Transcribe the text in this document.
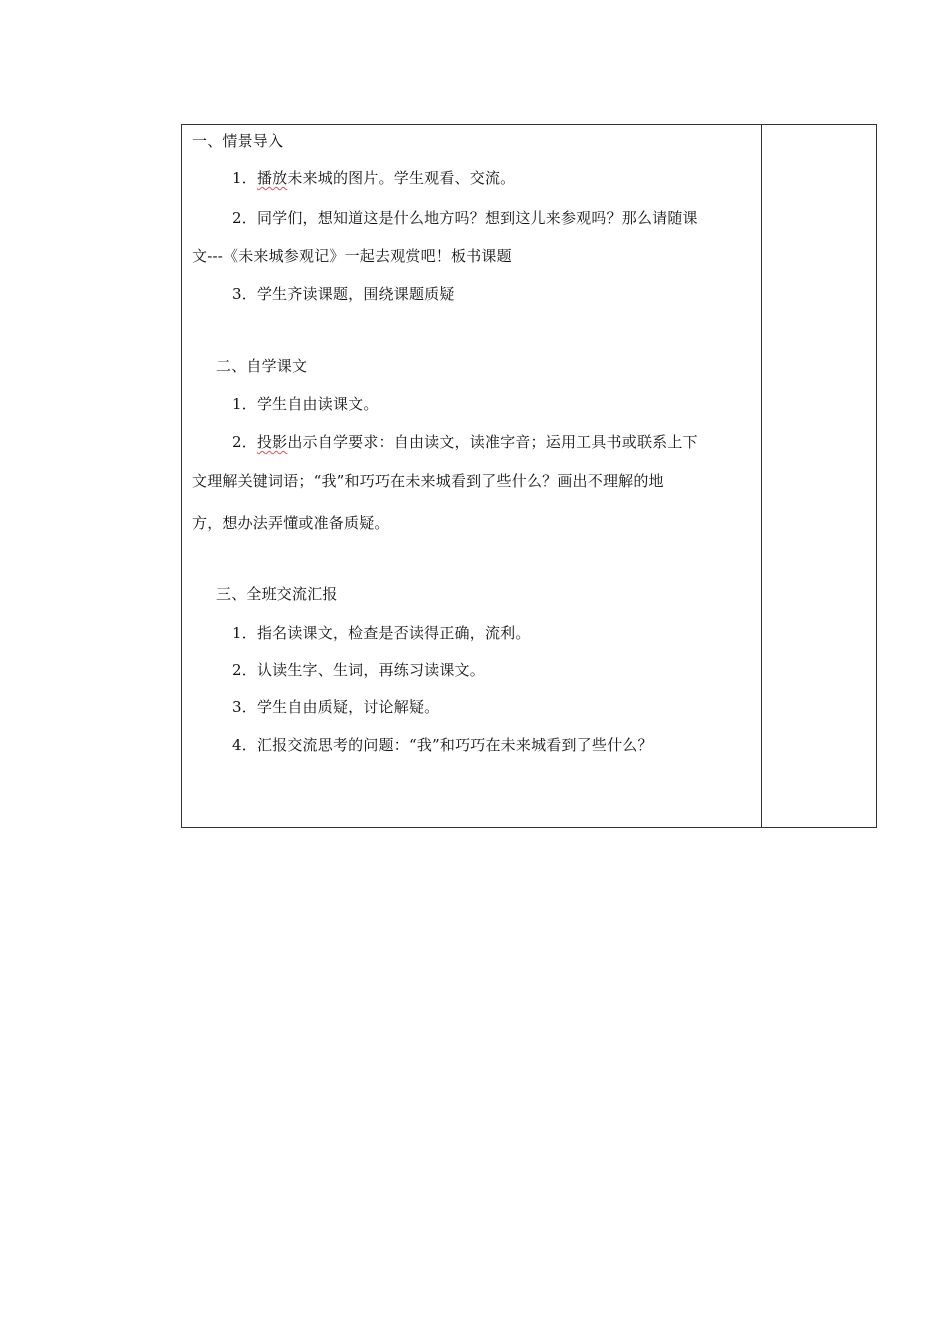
一、情景导入
1．播放未来城的图片。学生观看、交流。
2．同学们，想知道这是什么地方吗？想到这儿来参观吗？那么请随课
文---《未来城参观记》一起去观赏吧！板书课题
3．学生齐读课题，围绕课题质疑
二、自学课文
1．学生自由读课文。
2．投影出示自学要求：自由读文，读准字音；运用工具书或联系上下
文理解关键词语；“我”和巧巧在未来城看到了些什么？画出不理解的地
方，想办法弄懂或准备质疑。
三、全班交流汇报
1．指名读课文，检查是否读得正确，流利。
2．认读生字、生词，再练习读课文。
3．学生自由质疑，讨论解疑。
4．汇报交流思考的问题：“我”和巧巧在未来城看到了些什么？
